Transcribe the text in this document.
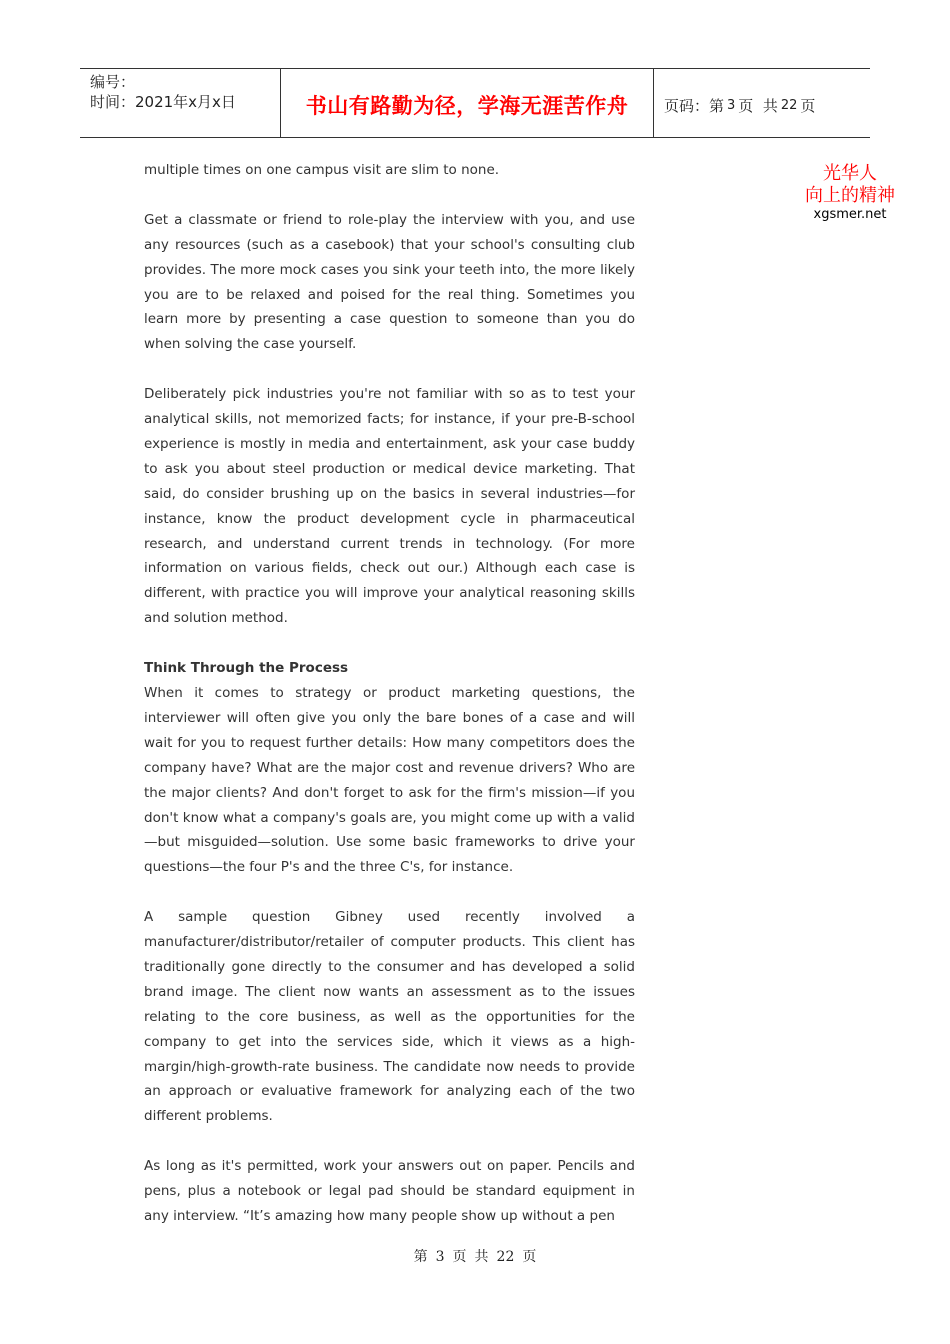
编号：
时间：2021年x月x日	书山有路勤为径，学海无涯苦作舟 页码：第 3 页  共 22 页
光华人
向上的精神
xgsmer.net

multiple times on one campus visit are slim to none.

Get a classmate or friend to role-play the interview with you, and use any resources (such as a casebook) that your school's consulting club provides. The more mock cases you sink your teeth into, the more likely you are to be relaxed and poised for the real thing. Sometimes you learn more by presenting a case question to someone than you do when solving the case yourself.

Deliberately pick industries you're not familiar with so as to test your analytical skills, not memorized facts; for instance, if your pre-B-school experience is mostly in media and entertainment, ask your case buddy to ask you about steel production or medical device marketing. That said, do consider brushing up on the basics in several industries—for instance, know the product development cycle in pharmaceutical research, and understand current trends in technology. (For more information on various fields, check out our.) Although each case is different, with practice you will improve your analytical reasoning skills and solution method.

Think Through the Process

When it comes to strategy or product marketing questions, the interviewer will often give you only the bare bones of a case and will wait for you to request further details: How many competitors does the company have? What are the major cost and revenue drivers? Who are the major clients? And don't forget to ask for the firm's mission—if you don't know what a company's goals are, you might come up with a valid—but misguided—solution. Use some basic frameworks to drive your questions—the four P's and the three C's, for instance.

A sample question Gibney used recently involved a manufacturer/distributor/retailer of computer products. This client has traditionally gone directly to the consumer and has developed a solid brand image. The client now wants an assessment as to the issues relating to the core business, as well as the opportunities for the company to get into the services side, which it views as a high-margin/high-growth-rate business. The candidate now needs to provide an approach or evaluative framework for analyzing each of the two different problems.

As long as it's permitted, work your answers out on paper. Pencils and pens, plus a notebook or legal pad should be standard equipment in any interview. “It’s amazing how many people show up without a pen

第 3 页 共 22 页
